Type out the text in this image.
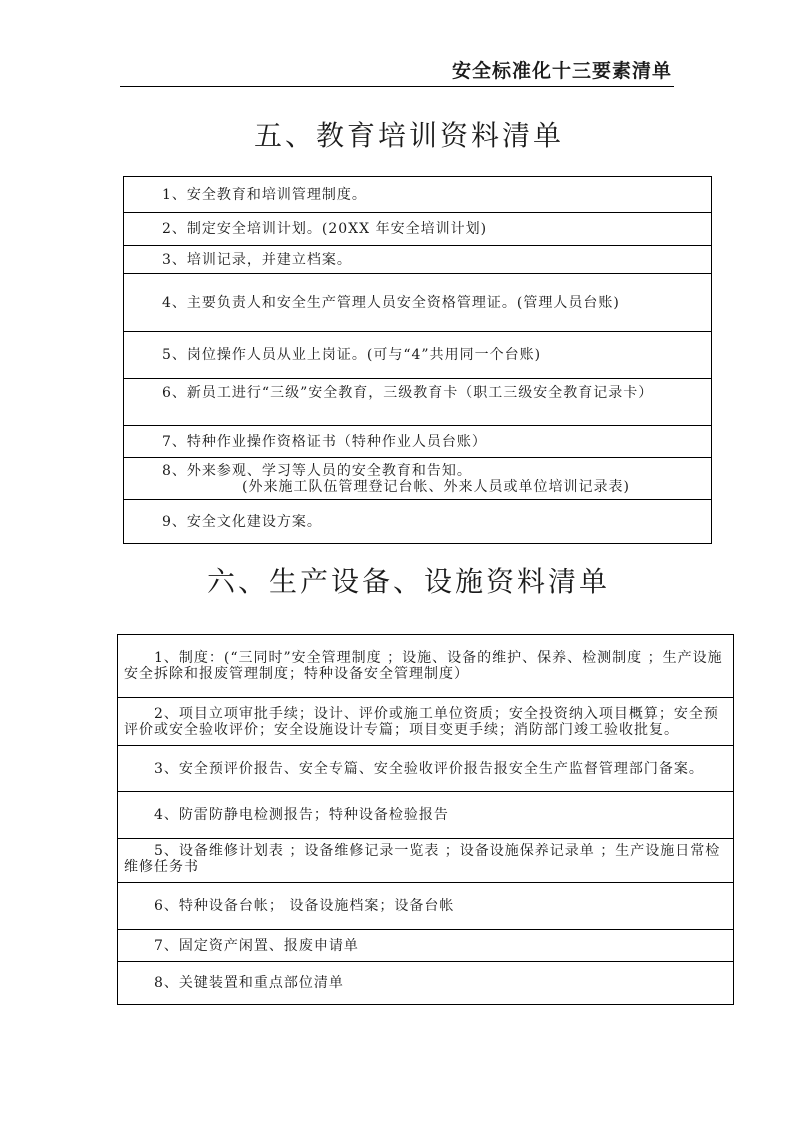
安全标准化十三要素清单
五、教育培训资料清单
1、安全教育和培训管理制度。
2、制定安全培训计划。(20XX 年安全培训计划)
3、培训记录，并建立档案。
4、主要负责人和安全生产管理人员安全资格管理证。(管理人员台账)
5、岗位操作人员从业上岗证。(可与“4”共用同一个台账)
6、新员工进行“三级”安全教育，三级教育卡（职工三级安全教育记录卡）
7、特种作业操作资格证书（特种作业人员台账）
8、外来参观、学习等人员的安全教育和告知。
(外来施工队伍管理登记台帐、外来人员或单位培训记录表)

9、安全文化建设方案。
六、生产设备、设施资料清单
1、制度：(“三同时”安全管理制度 ；设施、设备的维护、保养、检测制度 ；生产设施安全拆除和报废管理制度；特种设备安全管理制度）
2、项目立项审批手续；设计、评价或施工单位资质；安全投资纳入项目概算；安全预评价或安全验收评价；安全设施设计专篇；项目变更手续；消防部门竣工验收批复。
3、安全预评价报告、安全专篇、安全验收评价报告报安全生产监督管理部门备案。
4、防雷防静电检测报告；特种设备检验报告
5、设备维修计划表 ；设备维修记录一览表 ；设备设施保养记录单 ；生产设施日常检维修任务书
6、特种设备台帐； 设备设施档案；设备台帐
7、固定资产闲置、报废申请单
8、关键装置和重点部位清单
